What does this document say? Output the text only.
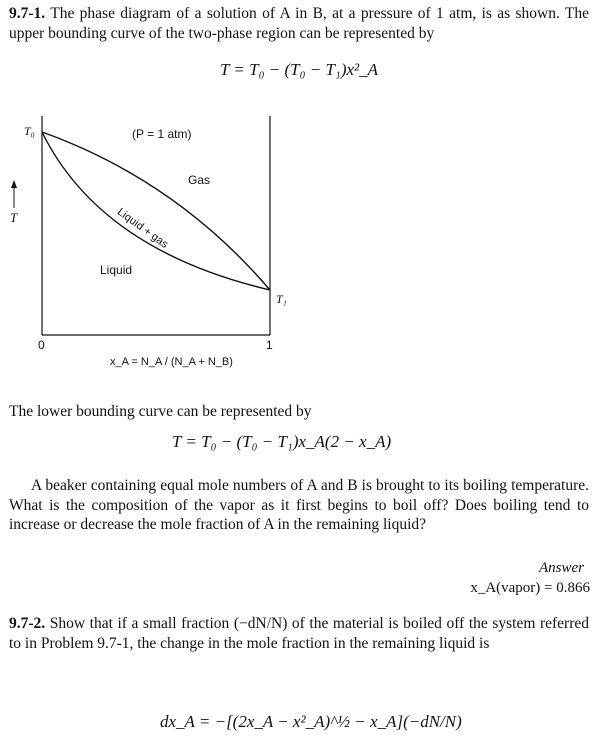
9.7-1. The phase diagram of a solution of A in B, at a pressure of 1 atm, is as shown. The upper bounding curve of the two-phase region can be represented by
T = T₀ − (T₀ − T₁)x²_A
T₀	(P = 1 atm)
Gas
Liquid + gas
T
Liquid
T₁
0	1
x_A = N_A / (N_A + N_B)
The lower bounding curve can be represented by
T = T₀ − (T₀ − T₁)x_A(2 − x_A)
A beaker containing equal mole numbers of A and B is brought to its boiling temperature. What is the composition of the vapor as it first begins to boil off? Does boiling tend to increase or decrease the mole fraction of A in the remaining liquid?
Answer
x_A(vapor) = 0.866
9.7-2. Show that if a small fraction (−dN/N) of the material is boiled off the system referred to in Problem 9.7-1, the change in the mole fraction in the remaining liquid is
dx_A = −[(2x_A − x²_A)^½ − x_A](−dN/N)
